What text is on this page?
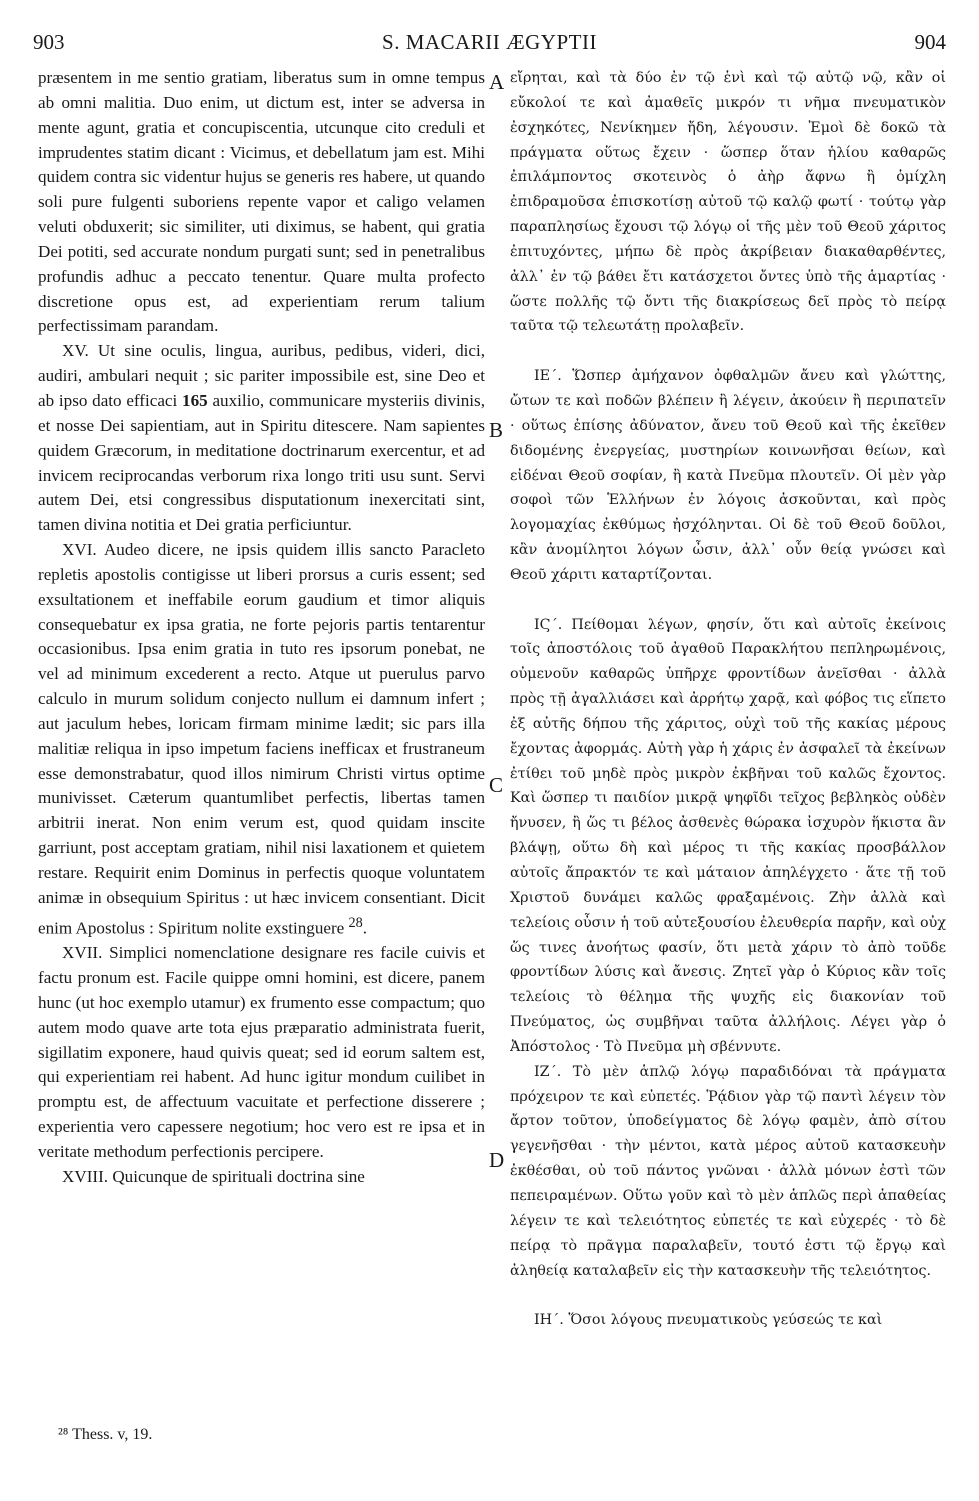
903	S. MACARII ÆGYPTII	904
A
B
C
D

præsentem in me sentio gratiam, liberatus sum in omne tempus ab omni malitia. Duo enim, ut dictum est, inter se adversa in mente agunt, gratia et concupiscentia, utcunque cito creduli et imprudentes statim dicant : Vicimus, et debellatum jam est. Mihi quidem contra sic videntur hujus se generis res habere, ut quando soli pure fulgenti suboriens repente vapor et caligo velamen veluti obduxerit; sic similiter, uti diximus, se habent, qui gratia Dei potiti, sed accurate nondum purgati sunt; sed in penetralibus profundis adhuc a peccato tenentur. Quare multa profecto discretione opus est, ad experientiam rerum talium perfectissimam parandam.

XV. Ut sine oculis, lingua, auribus, pedibus, videri, dici, audiri, ambulari nequit ; sic pariter impossibile est, sine Deo et ab ipso dato efficaci 165 auxilio, communicare mysteriis divinis, et nosse Dei sapientiam, aut in Spiritu ditescere. Nam sapientes quidem Græcorum, in meditatione doctrinarum exercentur, et ad invicem reciprocandas verborum rixa longo triti usu sunt. Servi autem Dei, etsi congressibus disputationum inexercitati sint, tamen divina notitia et Dei gratia perficiuntur.

XVI. Audeo dicere, ne ipsis quidem illis sancto Paracleto repletis apostolis contigisse ut liberi prorsus a curis essent; sed exsultationem et ineffabile eorum gaudium et timor aliquis consequebatur ex ipsa gratia, ne forte pejoris partis tentarentur occasionibus. Ipsa enim gratia in tuto res ipsorum ponebat, ne vel ad minimum excederent a recto. Atque ut puerulus parvo calculo in murum solidum conjecto nullum ei damnum infert ; aut jaculum hebes, loricam firmam minime lædit; sic pars illa malitiæ reliqua in ipso impetum faciens inefficax et frustraneum esse demonstrabatur, quod illos nimirum Christi virtus optime munivisset. Cæterum quantumlibet perfectis, libertas tamen arbitrii inerat. Non enim verum est, quod quidam inscite garriunt, post acceptam gratiam, nihil nisi laxationem et quietem restare. Requirit enim Dominus in perfectis quoque voluntatem animæ in obsequium Spiritus : ut hæc invicem consentiant. Dicit enim Apostolus : Spiritum nolite exstinguere $^{28}$.

XVII. Simplici nomenclatione designare res facile cuivis et factu pronum est. Facile quippe omni homini, est dicere, panem hunc (ut hoc exemplo utamur) ex frumento esse compactum; quo autem modo quave arte tota ejus præparatio administrata fuerit, sigillatim exponere, haud quivis queat; sed id eorum saltem est, qui experientiam rei habent. Ad hunc igitur mondum cuilibet in promptu est, de affectuum vacuitate et perfectione disserere ; experientia vero capessere negotium; hoc vero est re ipsa et in veritate methodum perfectionis percipere.

XVIII. Quicunque de spirituali doctrina sine

εἴρηται, καὶ τὰ δύο ἐν τῷ ἑνὶ καὶ τῷ αὐτῷ νῷ, κἂν οἱ εὔκολοί τε καὶ ἀμαθεῖς μικρόν τι νῆμα πνευματικὸν ἐσχηκότες, Νενίκημεν ἤδη, λέγουσιν. Ἐμοὶ δὲ δοκῶ τὰ πράγματα οὕτως ἔχειν · ὥσπερ ὅταν ἡλίου καθαρῶς ἐπιλάμποντος σκοτεινὸς ὁ ἀὴρ ἄφνω ἢ ὁμίχλη ἐπιδραμοῦσα ἐπισκοτίσῃ αὐτοῦ τῷ καλῷ φωτί · τούτῳ γὰρ παραπλησίως ἔχουσι τῷ λόγῳ οἱ τῆς μὲν τοῦ Θεοῦ χάριτος ἐπιτυχόντες, μήπω δὲ πρὸς ἀκρίβειαν διακαθαρθέντες, ἀλλ᾽ ἐν τῷ βάθει ἔτι κατάσχετοι ὄντες ὑπὸ τῆς ἁμαρτίας · ὥστε πολλῆς τῷ ὄντι τῆς διακρίσεως δεῖ πρὸς τὸ πείρᾳ ταῦτα τῷ τελεωτάτῃ προλαβεῖν.

ΙΕ΄. Ὥσπερ ἀμήχανον ὀφθαλμῶν ἄνευ καὶ γλώττης, ὤτων τε καὶ ποδῶν βλέπειν ἢ λέγειν, ἀκούειν ἢ περιπατεῖν · οὕτως ἐπίσης ἀδύνατον, ἄνευ τοῦ Θεοῦ καὶ τῆς ἐκεῖθεν διδομένης ἐνεργείας, μυστηρίων κοινωνῆσαι θείων, καὶ εἰδέναι Θεοῦ σοφίαν, ἢ κατὰ Πνεῦμα πλουτεῖν. Οἱ μὲν γὰρ σοφοὶ τῶν Ἑλλήνων ἐν λόγοις ἀσκοῦνται, καὶ πρὸς λογομαχίας ἐκθύμως ἠσχόληνται. Οἱ δὲ τοῦ Θεοῦ δοῦλοι, κἂν ἀνομίλητοι λόγων ὦσιν, ἀλλ᾽ οὖν θείᾳ γνώσει καὶ Θεοῦ χάριτι καταρτίζονται.

ΙϚ΄. Πείθομαι λέγων, φησίν, ὅτι καὶ αὐτοῖς ἐκείνοις τοῖς ἀποστόλοις τοῦ ἀγαθοῦ Παρακλήτου πεπληρωμένοις, οὐμενοῦν καθαρῶς ὑπῆρχε φροντίδων ἀνεῖσθαι · ἀλλὰ πρὸς τῇ ἀγαλλιάσει καὶ ἀρρήτῳ χαρᾷ, καὶ φόβος τις εἵπετο ἐξ αὐτῆς δήπου τῆς χάριτος, οὐχὶ τοῦ τῆς κακίας μέρους ἔχοντας ἀφορμάς. Αὐτὴ γὰρ ἡ χάρις ἐν ἀσφαλεῖ τὰ ἐκείνων ἐτίθει τοῦ μηδὲ πρὸς μικρὸν ἐκβῆναι τοῦ καλῶς ἔχοντος. Καὶ ὥσπερ τι παιδίον μικρᾷ ψηφῖδι τεῖχος βεβληκὸς οὐδὲν ἤνυσεν, ἢ ὥς τι βέλος ἀσθενὲς θώρακα ἰσχυρὸν ἥκιστα ἂν βλάψῃ, οὕτω δὴ καὶ μέρος τι τῆς κακίας προσβάλλον αὐτοῖς ἄπρακτόν τε καὶ μάταιον ἀπηλέγχετο · ἅτε τῇ τοῦ Χριστοῦ δυνάμει καλῶς φραξαμένοις. Ζὴν ἀλλὰ καὶ τελείοις οὖσιν ἡ τοῦ αὐτεξουσίου ἐλευθερία παρῆν, καὶ οὐχ ὥς τινες ἀνοήτως φασίν, ὅτι μετὰ χάριν τὸ ἀπὸ τοῦδε φροντίδων λύσις καὶ ἄνεσις. Ζητεῖ γὰρ ὁ Κύριος κἂν τοῖς τελείοις τὸ θέλημα τῆς ψυχῆς εἰς διακονίαν τοῦ Πνεύματος, ὡς συμβῆναι ταῦτα ἀλλήλοις. Λέγει γὰρ ὁ Ἀπόστολος · Τὸ Πνεῦμα μὴ σβέννυτε.

ΙΖ΄. Τὸ μὲν ἁπλῷ λόγῳ παραδιδόναι τὰ πράγματα πρόχειρον τε καὶ εὐπετές. Ῥᾴδιον γὰρ τῷ παντὶ λέγειν τὸν ἄρτον τοῦτον, ὑποδείγματος δὲ λόγῳ φαμὲν, ἀπὸ σίτου γεγενῆσθαι · τὴν μέντοι, κατὰ μέρος αὐτοῦ κατασκευὴν ἐκθέσθαι, οὐ τοῦ πάντος γνῶναι · ἀλλὰ μόνων ἐστὶ τῶν πεπειραμένων. Οὕτω γοῦν καὶ τὸ μὲν ἁπλῶς περὶ ἀπαθείας λέγειν τε καὶ τελειότητος εὐπετές τε καὶ εὐχερές · τὸ δὲ πείρᾳ τὸ πρᾶγμα παραλαβεῖν, τουτό ἐστι τῷ ἔργῳ καὶ ἀληθείᾳ καταλαβεῖν εἰς τὴν κατασκευὴν τῆς τελειότητος.

ΙΗ΄. Ὅσοι λόγους πνευματικοὺς γεύσεώς τε καὶ

²⁸ Thess. v, 19.
